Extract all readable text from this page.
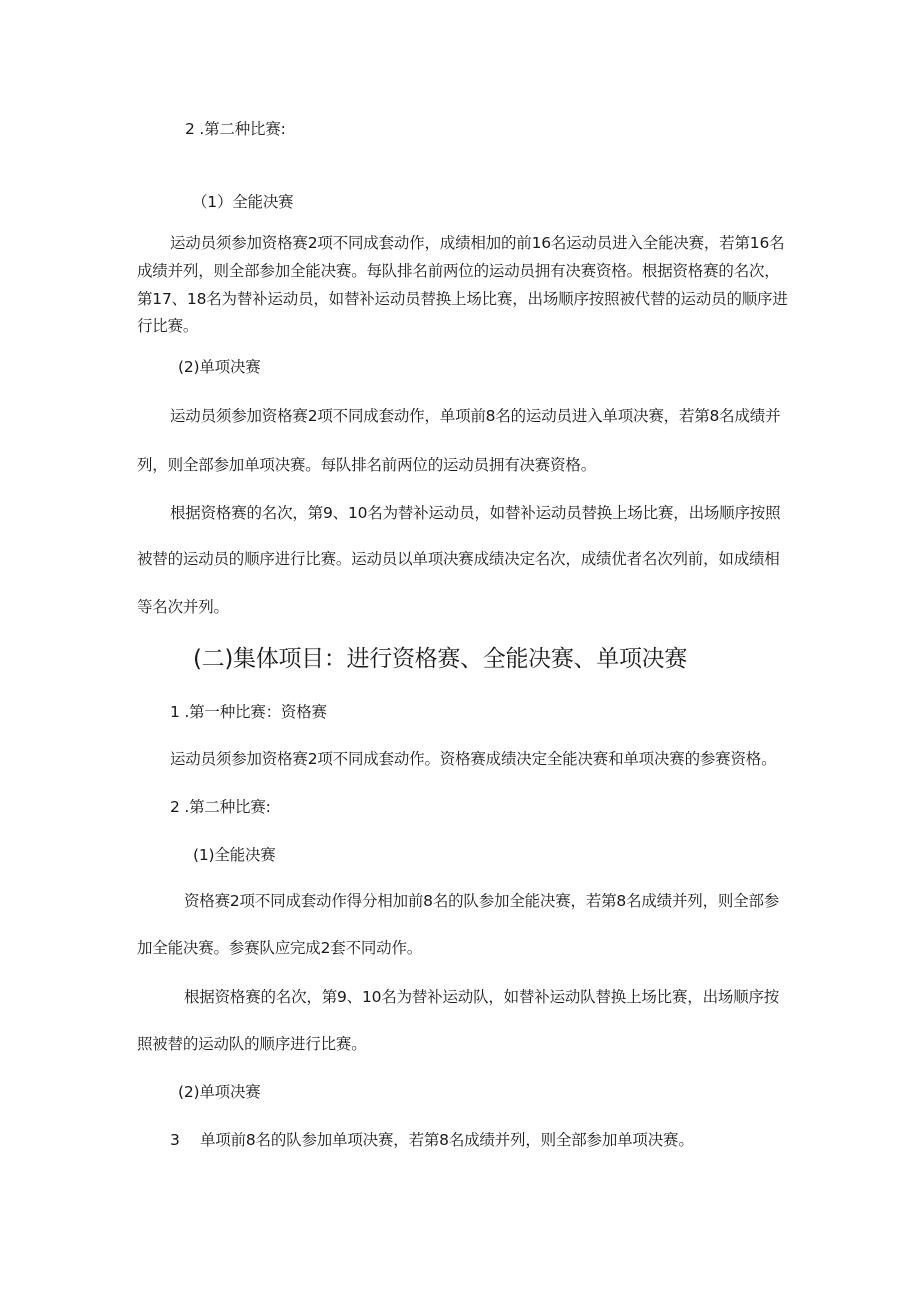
2 .第二种比赛:
（1）全能决赛
运动员须参加资格赛2项不同成套动作，成绩相加的前16名运动员进入全能决赛，若第16名
成绩并列，则全部参加全能决赛。每队排名前两位的运动员拥有决赛资格。根据资格赛的名次，
第17、18名为替补运动员，如替补运动员替换上场比赛，出场顺序按照被代替的运动员的顺序进
行比赛。
(2)单项决赛
运动员须参加资格赛2项不同成套动作，单项前8名的运动员进入单项决赛，若第8名成绩并
列，则全部参加单项决赛。每队排名前两位的运动员拥有决赛资格。
根据资格赛的名次，第9、10名为替补运动员，如替补运动员替换上场比赛，出场顺序按照
被替的运动员的顺序进行比赛。运动员以单项决赛成绩决定名次，成绩优者名次列前，如成绩相
等名次并列。
(二)集体项目：进行资格赛、全能决赛、单项决赛
1 .第一种比赛：资格赛
运动员须参加资格赛2项不同成套动作。资格赛成绩决定全能决赛和单项决赛的参赛资格。
2 .第二种比赛:
(1)全能决赛
资格赛2项不同成套动作得分相加前8名的队参加全能决赛，若第8名成绩并列，则全部参
加全能决赛。参赛队应完成2套不同动作。
根据资格赛的名次，第9、10名为替补运动队，如替补运动队替换上场比赛，出场顺序按
照被替的运动队的顺序进行比赛。
(2)单项决赛
3 单项前8名的队参加单项决赛，若第8名成绩并列，则全部参加单项决赛。
